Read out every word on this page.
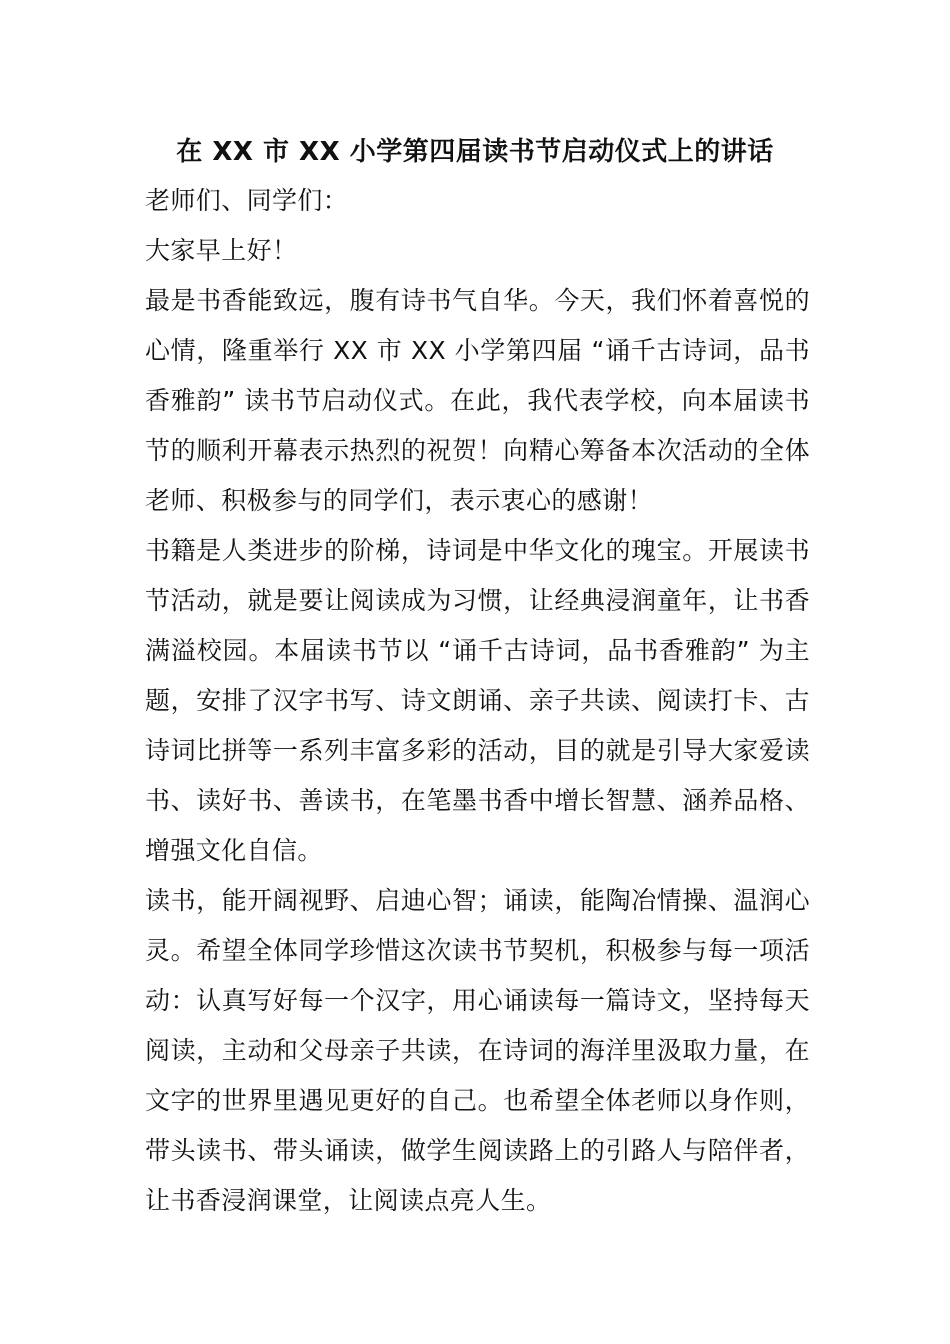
在 XX 市 XX 小学第四届读书节启动仪式上的讲话

老师们、同学们：

大家早上好！

最是书香能致远，腹有诗书气自华。今天，我们怀着喜悦的心情，隆重举行 XX 市 XX 小学第四届 “诵千古诗词，品书香雅韵” 读书节启动仪式。在此，我代表学校，向本届读书节的顺利开幕表示热烈的祝贺！向精心筹备本次活动的全体老师、积极参与的同学们，表示衷心的感谢！

书籍是人类进步的阶梯，诗词是中华文化的瑰宝。开展读书节活动，就是要让阅读成为习惯，让经典浸润童年，让书香满溢校园。本届读书节以 “诵千古诗词，品书香雅韵” 为主题，安排了汉字书写、诗文朗诵、亲子共读、阅读打卡、古诗词比拼等一系列丰富多彩的活动，目的就是引导大家爱读书、读好书、善读书，在笔墨书香中增长智慧、涵养品格、增强文化自信。

读书，能开阔视野、启迪心智；诵读，能陶冶情操、温润心灵。希望全体同学珍惜这次读书节契机，积极参与每一项活动：认真写好每一个汉字，用心诵读每一篇诗文，坚持每天阅读，主动和父母亲子共读，在诗词的海洋里汲取力量，在文字的世界里遇见更好的自己。也希望全体老师以身作则，带头读书、带头诵读，做学生阅读路上的引路人与陪伴者，让书香浸润课堂，让阅读点亮人生。
